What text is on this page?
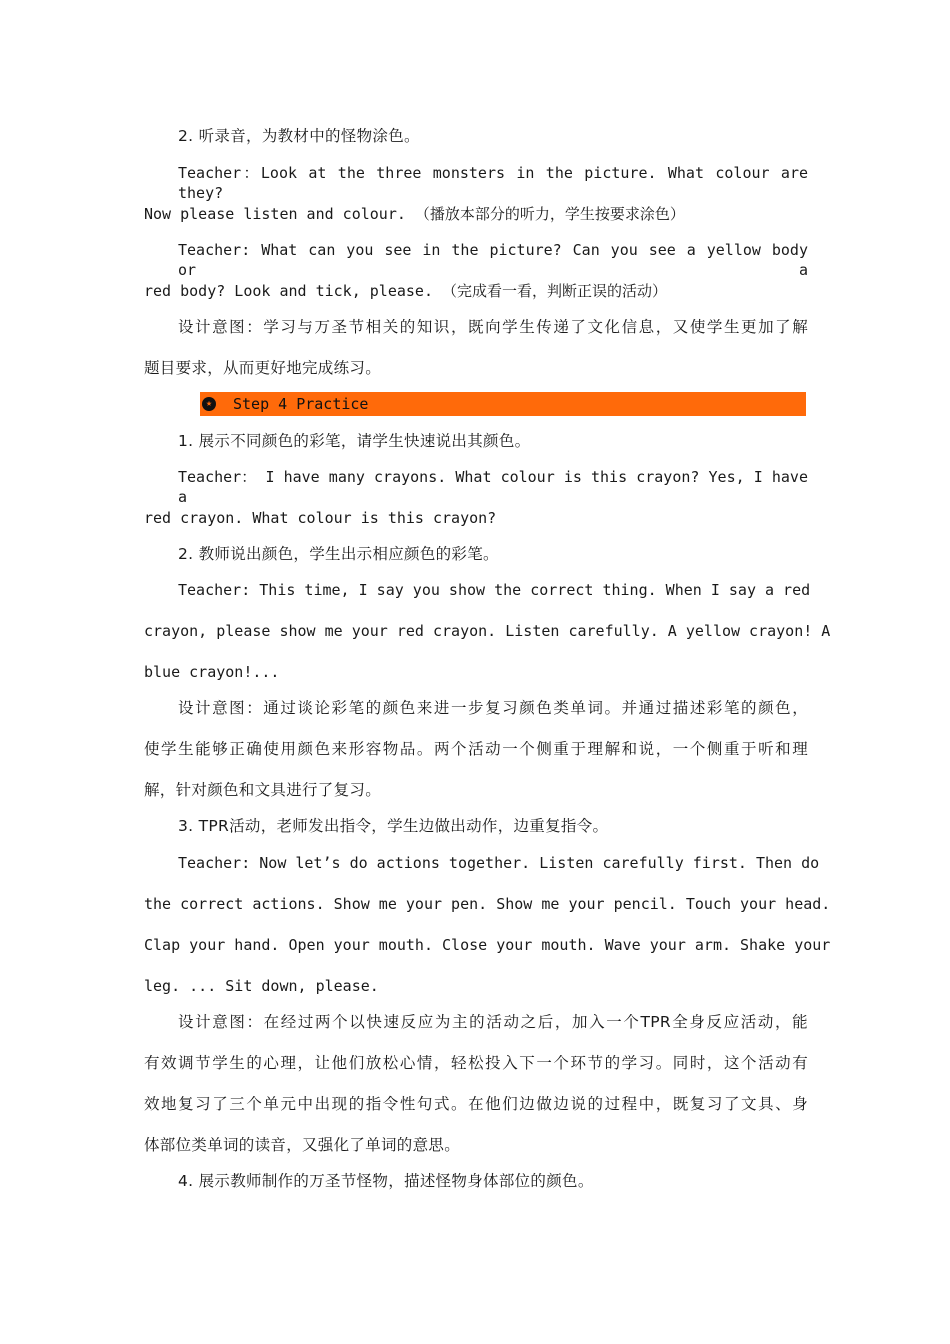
2. 听录音，为教材中的怪物涂色。
Teacher：Look at the three monsters in the picture. What colour are they?
Now please listen and colour. （播放本部分的听力，学生按要求涂色）
Teacher: What can you see in the picture? Can you see a yellow body or a
red body? Look and tick, please. （完成看一看，判断正误的活动）
设计意图：学习与万圣节相关的知识，既向学生传递了文化信息，又使学生更加了解
题目要求，从而更好地完成练习。
★ Step 4 Practice
1. 展示不同颜色的彩笔，请学生快速说出其颜色。
Teacher： I have many crayons. What colour is this crayon? Yes, I have a
red crayon. What colour is this crayon?
2. 教师说出颜色，学生出示相应颜色的彩笔。
Teacher: This time, I say you show the correct thing. When I say a red
crayon, please show me your red crayon. Listen carefully. A yellow crayon! A
blue crayon!...
设计意图：通过谈论彩笔的颜色来进一步复习颜色类单词。并通过描述彩笔的颜色，
使学生能够正确使用颜色来形容物品。两个活动一个侧重于理解和说，一个侧重于听和理
解，针对颜色和文具进行了复习。
3. TPR活动，老师发出指令，学生边做出动作，边重复指令。
Teacher: Now let’s do actions together. Listen carefully first. Then do
the correct actions. Show me your pen. Show me your pencil. Touch your head.
Clap your hand. Open your mouth. Close your mouth. Wave your arm. Shake your
leg. ... Sit down, please.
设计意图：在经过两个以快速反应为主的活动之后，加入一个TPR全身反应活动，能
有效调节学生的心理，让他们放松心情，轻松投入下一个环节的学习。同时，这个活动有
效地复习了三个单元中出现的指令性句式。在他们边做边说的过程中，既复习了文具、身
体部位类单词的读音，又强化了单词的意思。
4. 展示教师制作的万圣节怪物，描述怪物身体部位的颜色。
